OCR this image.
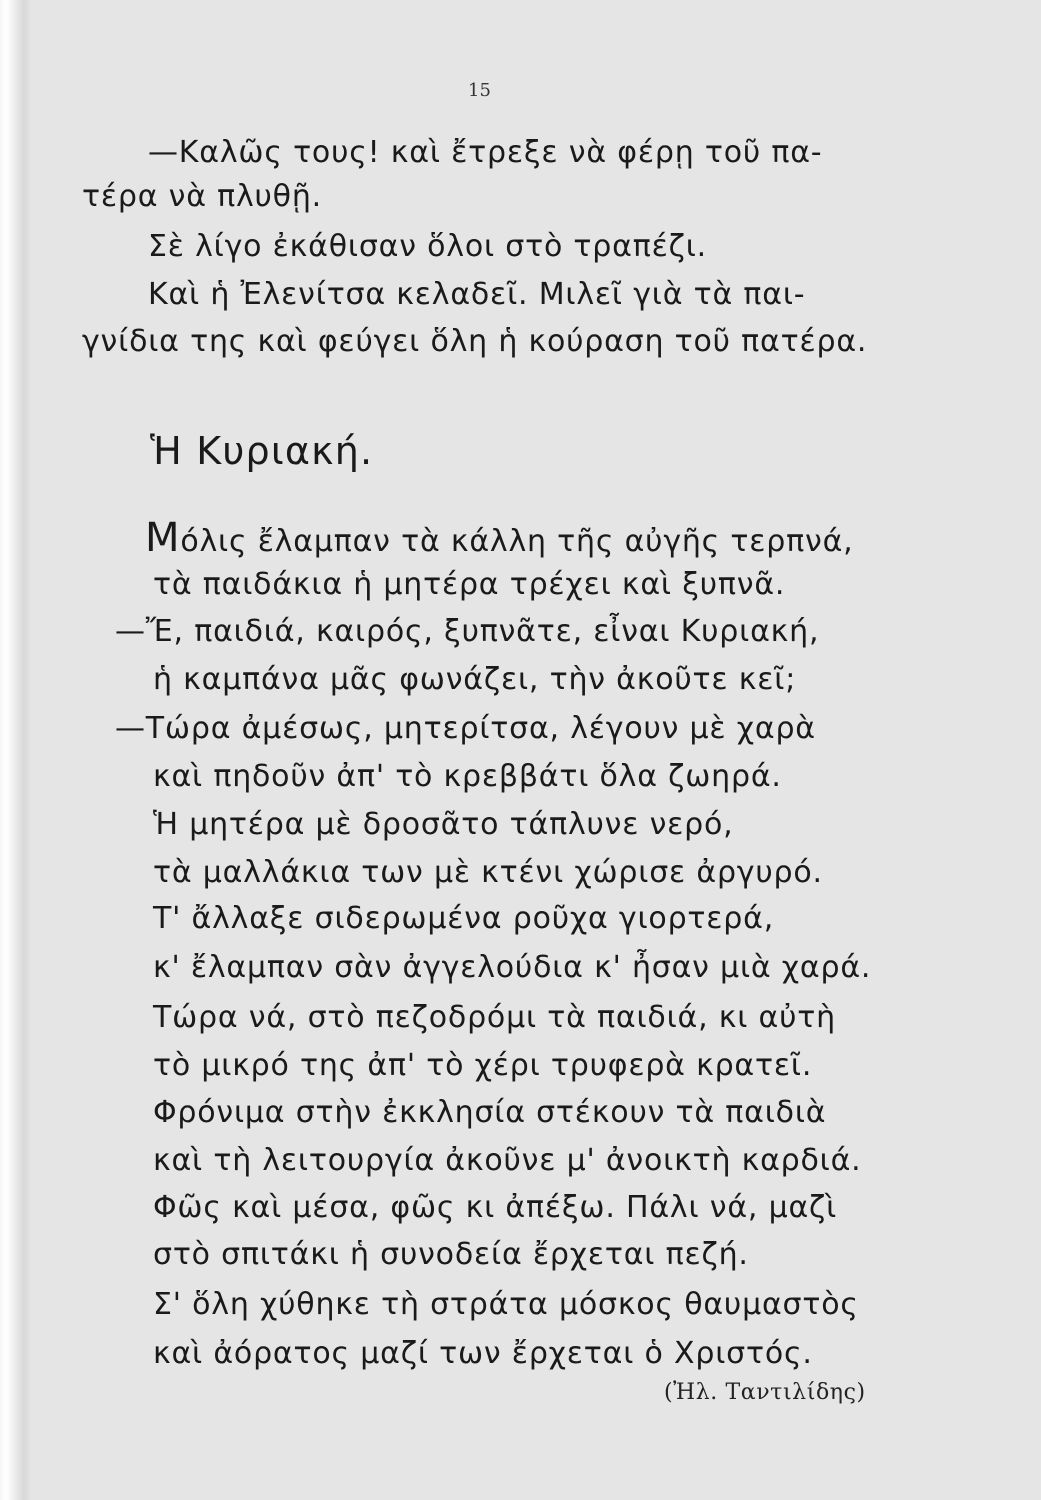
15
—Καλῶς τους! καὶ ἔτρεξε νὰ φέρῃ τοῦ πα-
τέρα νὰ πλυθῇ.
Σὲ λίγο ἐκάθισαν ὅλοι στὸ τραπέζι.
Καὶ ἡ Ἐλενίτσα κελαδεῖ. Μιλεῖ γιὰ τὰ παι-
γνίδια της καὶ φεύγει ὅλη ἡ κούραση τοῦ πατέρα.
Ἡ Κυριακή.
Μόλις ἔλαμπαν τὰ κάλλη τῆς αὐγῆς τερπνά,
τὰ παιδάκια ἡ μητέρα τρέχει καὶ ξυπνᾶ.
—Ἔ, παιδιά, καιρός, ξυπνᾶτε, εἶναι Κυριακή,
ἡ καμπάνα μᾶς φωνάζει, τὴν ἀκοῦτε κεῖ;
—Τώρα ἀμέσως, μητερίτσα, λέγουν μὲ χαρὰ
καὶ πηδοῦν ἀπ' τὸ κρεββάτι ὅλα ζωηρά.
Ἡ μητέρα μὲ δροσᾶτο τάπλυνε νερό,
τὰ μαλλάκια των μὲ κτένι χώρισε ἀργυρό.
Τ' ἄλλαξε σιδερωμένα ροῦχα γιορτερά,
κ' ἔλαμπαν σὰν ἀγγελούδια κ' ἦσαν μιὰ χαρά.
Τώρα νά, στὸ πεζοδρόμι τὰ παιδιά, κι αὐτὴ
τὸ μικρό της ἀπ' τὸ χέρι τρυφερὰ κρατεῖ.
Φρόνιμα στὴν ἐκκλησία στέκουν τὰ παιδιὰ
καὶ τὴ λειτουργία ἀκοῦνε μ' ἀνοικτὴ καρδιά.
Φῶς καὶ μέσα, φῶς κι ἀπέξω. Πάλι νά, μαζὶ
στὸ σπιτάκι ἡ συνοδεία ἔρχεται πεζή.
Σ' ὅλη χύθηκε τὴ στράτα μόσκος θαυμαστὸς
καὶ ἀόρατος μαζί των ἔρχεται ὁ Χριστός.
(Ἠλ. Ταντιλίδης)
